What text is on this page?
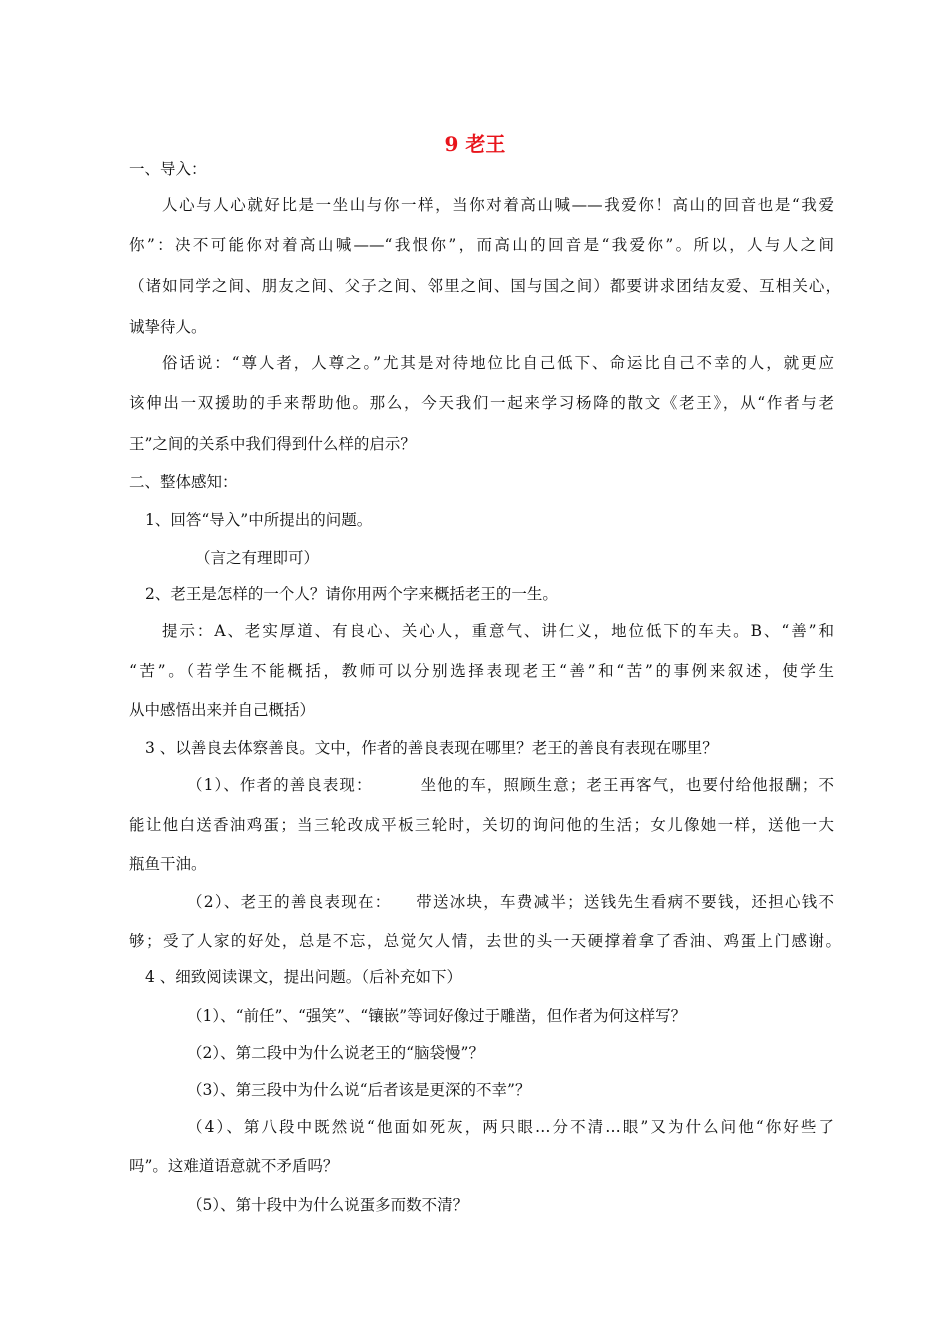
9 老王
一、导入：
人心与人心就好比是一坐山与你一样，当你对着高山喊——我爱你！高山的回音也是“我爱
你”：决不可能你对着高山喊——“我恨你”，而高山的回音是“我爱你”。所以，人与人之间
（诸如同学之间、朋友之间、父子之间、邻里之间、国与国之间）都要讲求团结友爱、互相关心，
诚挚待人。
俗话说：“尊人者，人尊之。”尤其是对待地位比自己低下、命运比自己不幸的人，就更应
该伸出一双援助的手来帮助他。那么，今天我们一起来学习杨降的散文《老王》，从“作者与老
王”之间的关系中我们得到什么样的启示？
二、整体感知：
1、回答“导入”中所提出的问题。
（言之有理即可）
2、老王是怎样的一个人？请你用两个字来概括老王的一生。
提示：A、老实厚道、有良心、关心人，重意气、讲仁义，地位低下的车夫。B、“善”和
“苦”。（若学生不能概括，教师可以分别选择表现老王“善”和“苦”的事例来叙述，使学生
从中感悟出来并自己概括）
3 、以善良去体察善良。文中，作者的善良表现在哪里？老王的善良有表现在哪里？
（1）、作者的善良表现：        坐他的车，照顾生意；老王再客气，也要付给他报酬；不
能让他白送香油鸡蛋；当三轮改成平板三轮时，关切的询问他的生活；女儿像她一样，送他一大
瓶鱼干油。
（2）、老王的善良表现在：    带送冰块，车费减半；送钱先生看病不要钱，还担心钱不
够；受了人家的好处，总是不忘，总觉欠人情，去世的头一天硬撑着拿了香油、鸡蛋上门感谢。
4 、细致阅读课文，提出问题。（后补充如下）
（1）、“前任”、“强笑”、“镶嵌”等词好像过于雕凿，但作者为何这样写？
（2）、第二段中为什么说老王的“脑袋慢”？
（3）、第三段中为什么说“后者该是更深的不幸”？
（4）、第八段中既然说“他面如死灰，两只眼…分不清…眼”又为什么问他“你好些了
吗”。这难道语意就不矛盾吗？
（5）、第十段中为什么说蛋多而数不清？
